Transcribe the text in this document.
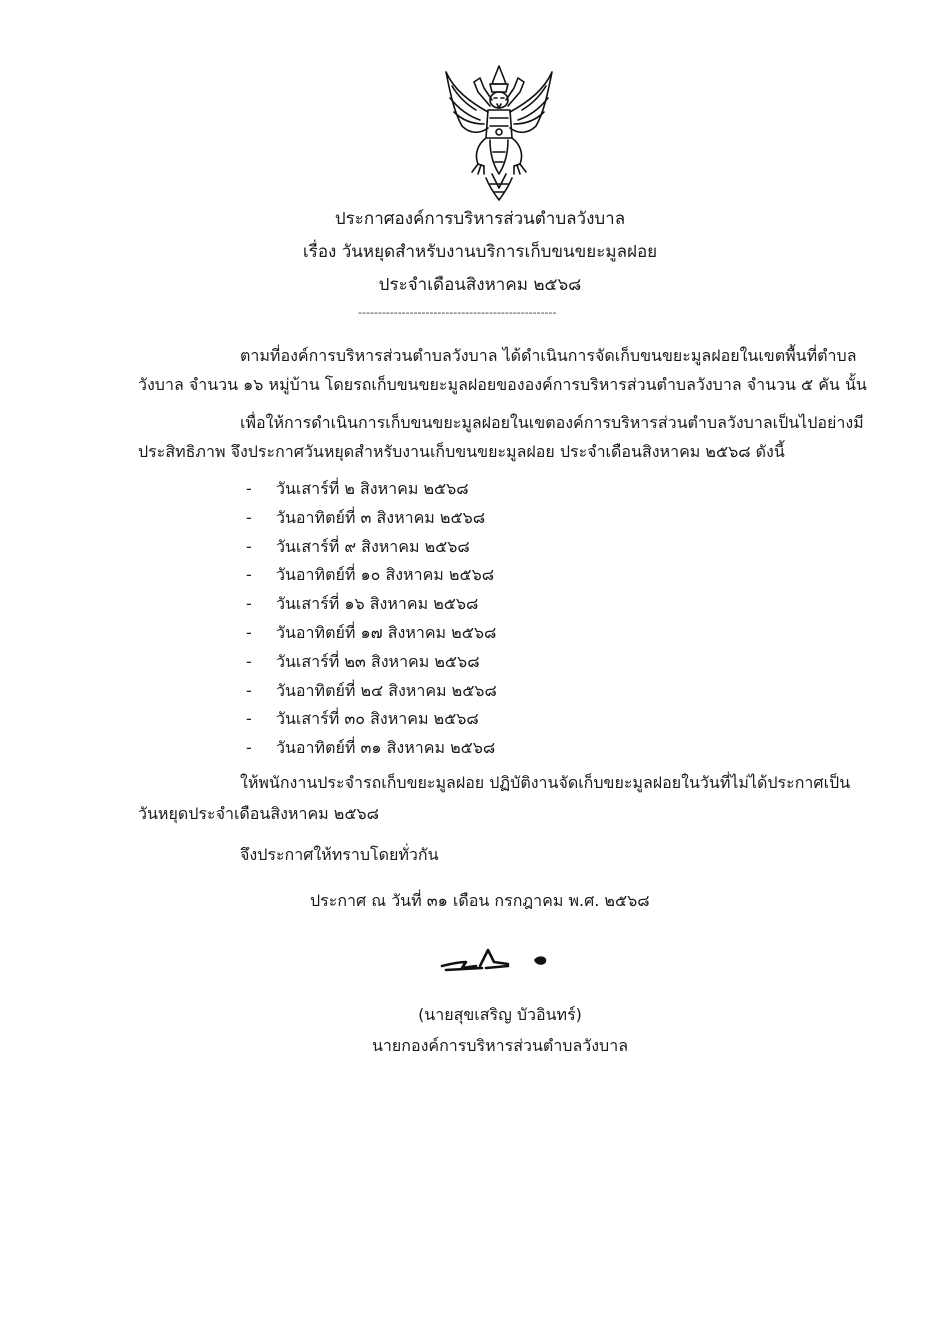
ประกาศองค์การบริหารส่วนตำบลวังบาล
เรื่อง วันหยุดสำหรับงานบริการเก็บขนขยะมูลฝอย
ประจำเดือนสิงหาคม ๒๕๖๘
--------------------------------------------------
ตามที่องค์การบริหารส่วนตำบลวังบาล ได้ดำเนินการจัดเก็บขนขยะมูลฝอยในเขตพื้นที่ตำบล
วังบาล จำนวน ๑๖ หมู่บ้าน โดยรถเก็บขนขยะมูลฝอยขององค์การบริหารส่วนตำบลวังบาล จำนวน ๕ คัน นั้น
เพื่อให้การดำเนินการเก็บขนขยะมูลฝอยในเขตองค์การบริหารส่วนตำบลวังบาลเป็นไปอย่างมี
ประสิทธิภาพ จึงประกาศวันหยุดสำหรับงานเก็บขนขยะมูลฝอย ประจำเดือนสิงหาคม ๒๕๖๘ ดังนี้
- วันเสาร์ที่ ๒ สิงหาคม ๒๕๖๘
- วันอาทิตย์ที่ ๓ สิงหาคม ๒๕๖๘
- วันเสาร์ที่ ๙ สิงหาคม ๒๕๖๘
- วันอาทิตย์ที่ ๑๐ สิงหาคม ๒๕๖๘
- วันเสาร์ที่ ๑๖ สิงหาคม ๒๕๖๘
- วันอาทิตย์ที่ ๑๗ สิงหาคม ๒๕๖๘
- วันเสาร์ที่ ๒๓ สิงหาคม ๒๕๖๘
- วันอาทิตย์ที่ ๒๔ สิงหาคม ๒๕๖๘
- วันเสาร์ที่ ๓๐ สิงหาคม ๒๕๖๘
- วันอาทิตย์ที่ ๓๑ สิงหาคม ๒๕๖๘
ให้พนักงานประจำรถเก็บขยะมูลฝอย ปฏิบัติงานจัดเก็บขยะมูลฝอยในวันที่ไม่ได้ประกาศเป็น
วันหยุดประจำเดือนสิงหาคม ๒๕๖๘
จึงประกาศให้ทราบโดยทั่วกัน
ประกาศ ณ วันที่ ๓๑ เดือน กรกฎาคม พ.ศ. ๒๕๖๘
(นายสุขเสริญ บัวอินทร์)
นายกองค์การบริหารส่วนตำบลวังบาล
